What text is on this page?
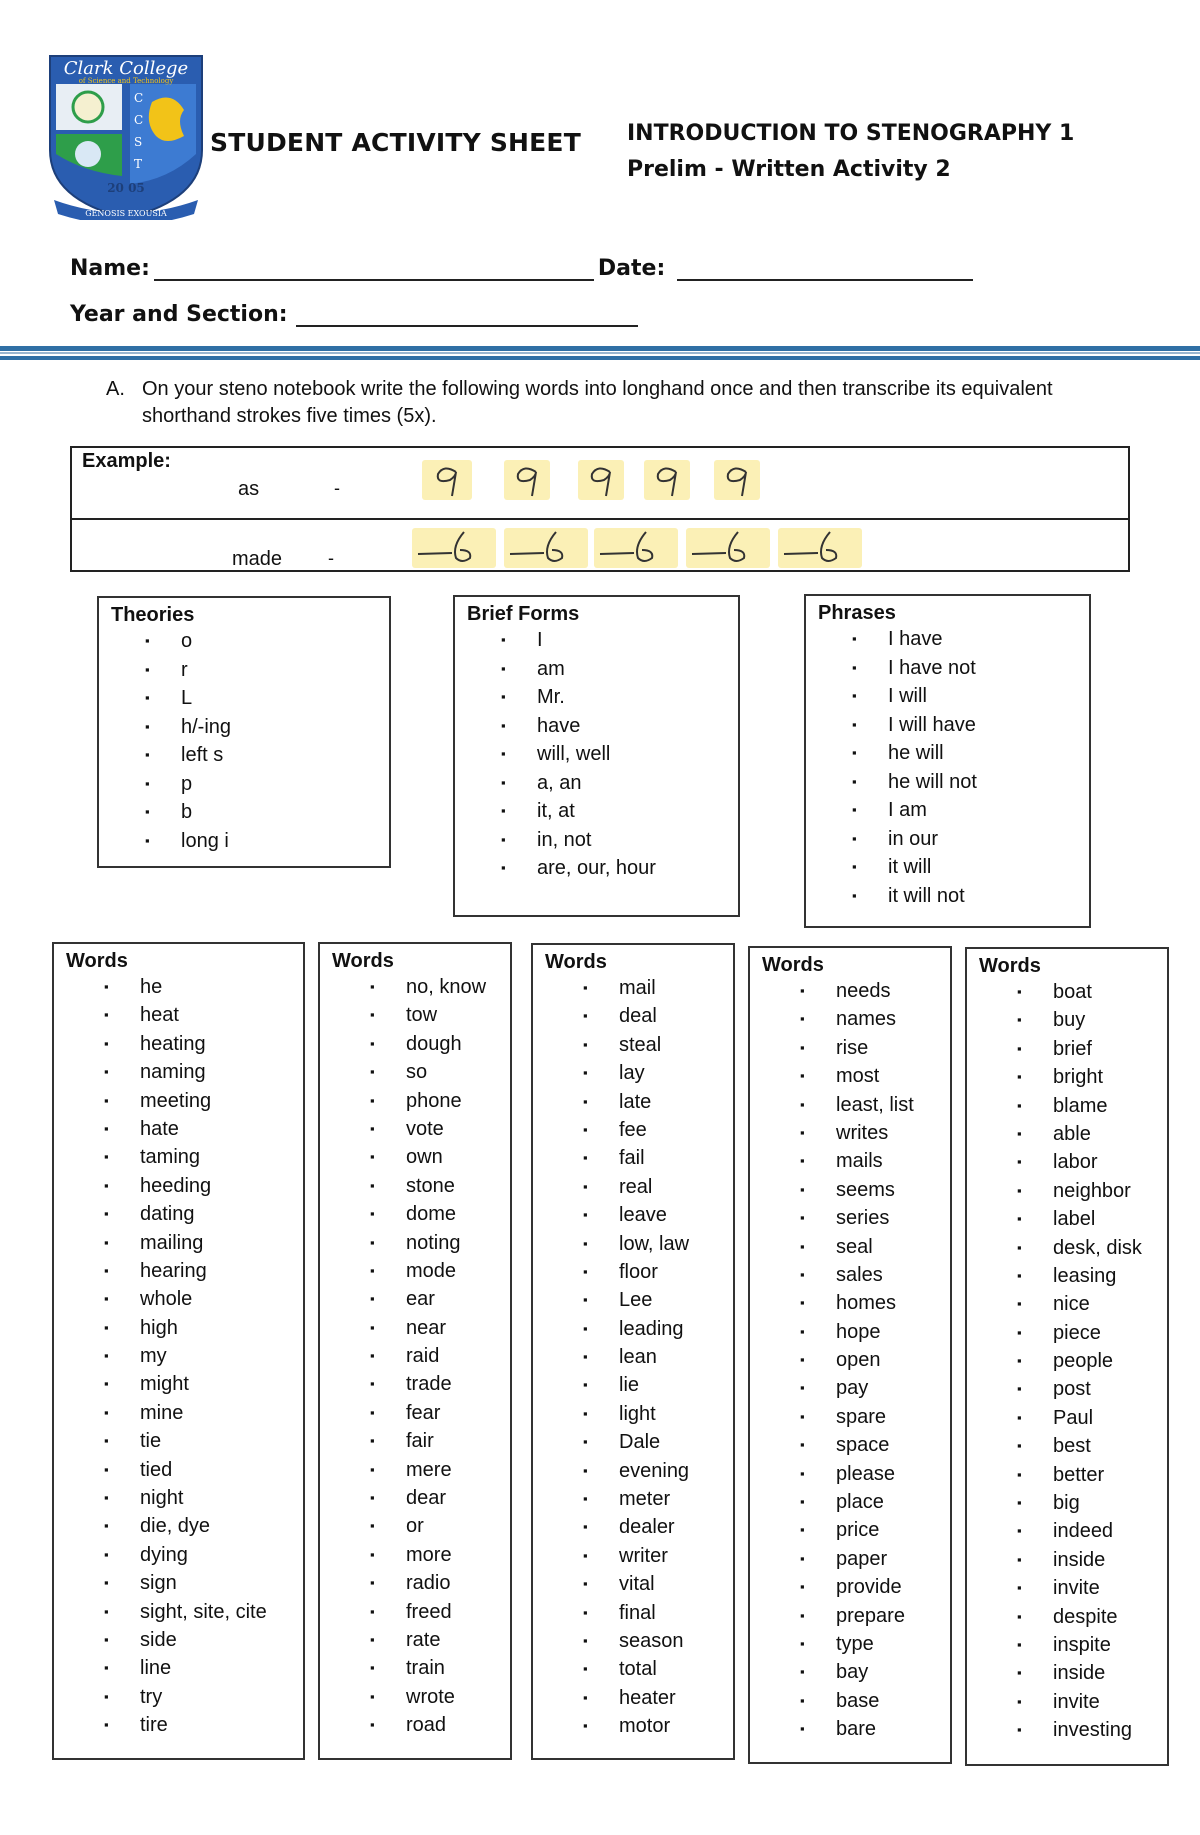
Clark College
of Science and Technology
C
C
S
T
20 05
GENOSIS EXOUSIA
STUDENT ACTIVITY SHEET INTRODUCTION TO STENOGRAPHY 1
Prelim - Written Activity 2
Name:	Date:
Year and Section:
A. On your steno notebook write the following words into longhand once and then transcribe its equivalent shorthand strokes five times (5x).
Example:
as	-
made	-
Theories
▪ o
▪ r
▪ L
▪ h/-ing
▪ left s
▪ p
▪ b
▪ long i
Brief Forms
▪ I
▪ am
▪ Mr.
▪ have
▪ will, well
▪ a, an
▪ it, at
▪ in, not
▪ are, our, hour
Phrases
▪ I have
▪ I have not
▪ I will
▪ I will have
▪ he will
▪ he will not
▪ I am
▪ in our
▪ it will
▪ it will not
Words
▪ he
▪ heat
▪ heating
▪ naming
▪ meeting
▪ hate
▪ taming
▪ heeding
▪ dating
▪ mailing
▪ hearing
▪ whole
▪ high
▪ my
▪ might
▪ mine
▪ tie
▪ tied
▪ night
▪ die, dye
▪ dying
▪ sign
▪ sight, site, cite
▪ side
▪ line
▪ try
▪ tire
Words
▪ no, know
▪ tow
▪ dough
▪ so
▪ phone
▪ vote
▪ own
▪ stone
▪ dome
▪ noting
▪ mode
▪ ear
▪ near
▪ raid
▪ trade
▪ fear
▪ fair
▪ mere
▪ dear
▪ or
▪ more
▪ radio
▪ freed
▪ rate
▪ train
▪ wrote
▪ road
Words
▪ mail
▪ deal
▪ steal
▪ lay
▪ late
▪ fee
▪ fail
▪ real
▪ leave
▪ low, law
▪ floor
▪ Lee
▪ leading
▪ lean
▪ lie
▪ light
▪ Dale
▪ evening
▪ meter
▪ dealer
▪ writer
▪ vital
▪ final
▪ season
▪ total
▪ heater
▪ motor
Words
▪ needs
▪ names
▪ rise
▪ most
▪ least, list
▪ writes
▪ mails
▪ seems
▪ series
▪ seal
▪ sales
▪ homes
▪ hope
▪ open
▪ pay
▪ spare
▪ space
▪ please
▪ place
▪ price
▪ paper
▪ provide
▪ prepare
▪ type
▪ bay
▪ base
▪ bare
Words
▪ boat
▪ buy
▪ brief
▪ bright
▪ blame
▪ able
▪ labor
▪ neighbor
▪ label
▪ desk, disk
▪ leasing
▪ nice
▪ piece
▪ people
▪ post
▪ Paul
▪ best
▪ better
▪ big
▪ indeed
▪ inside
▪ invite
▪ despite
▪ inspite
▪ inside
▪ invite
▪ investing
